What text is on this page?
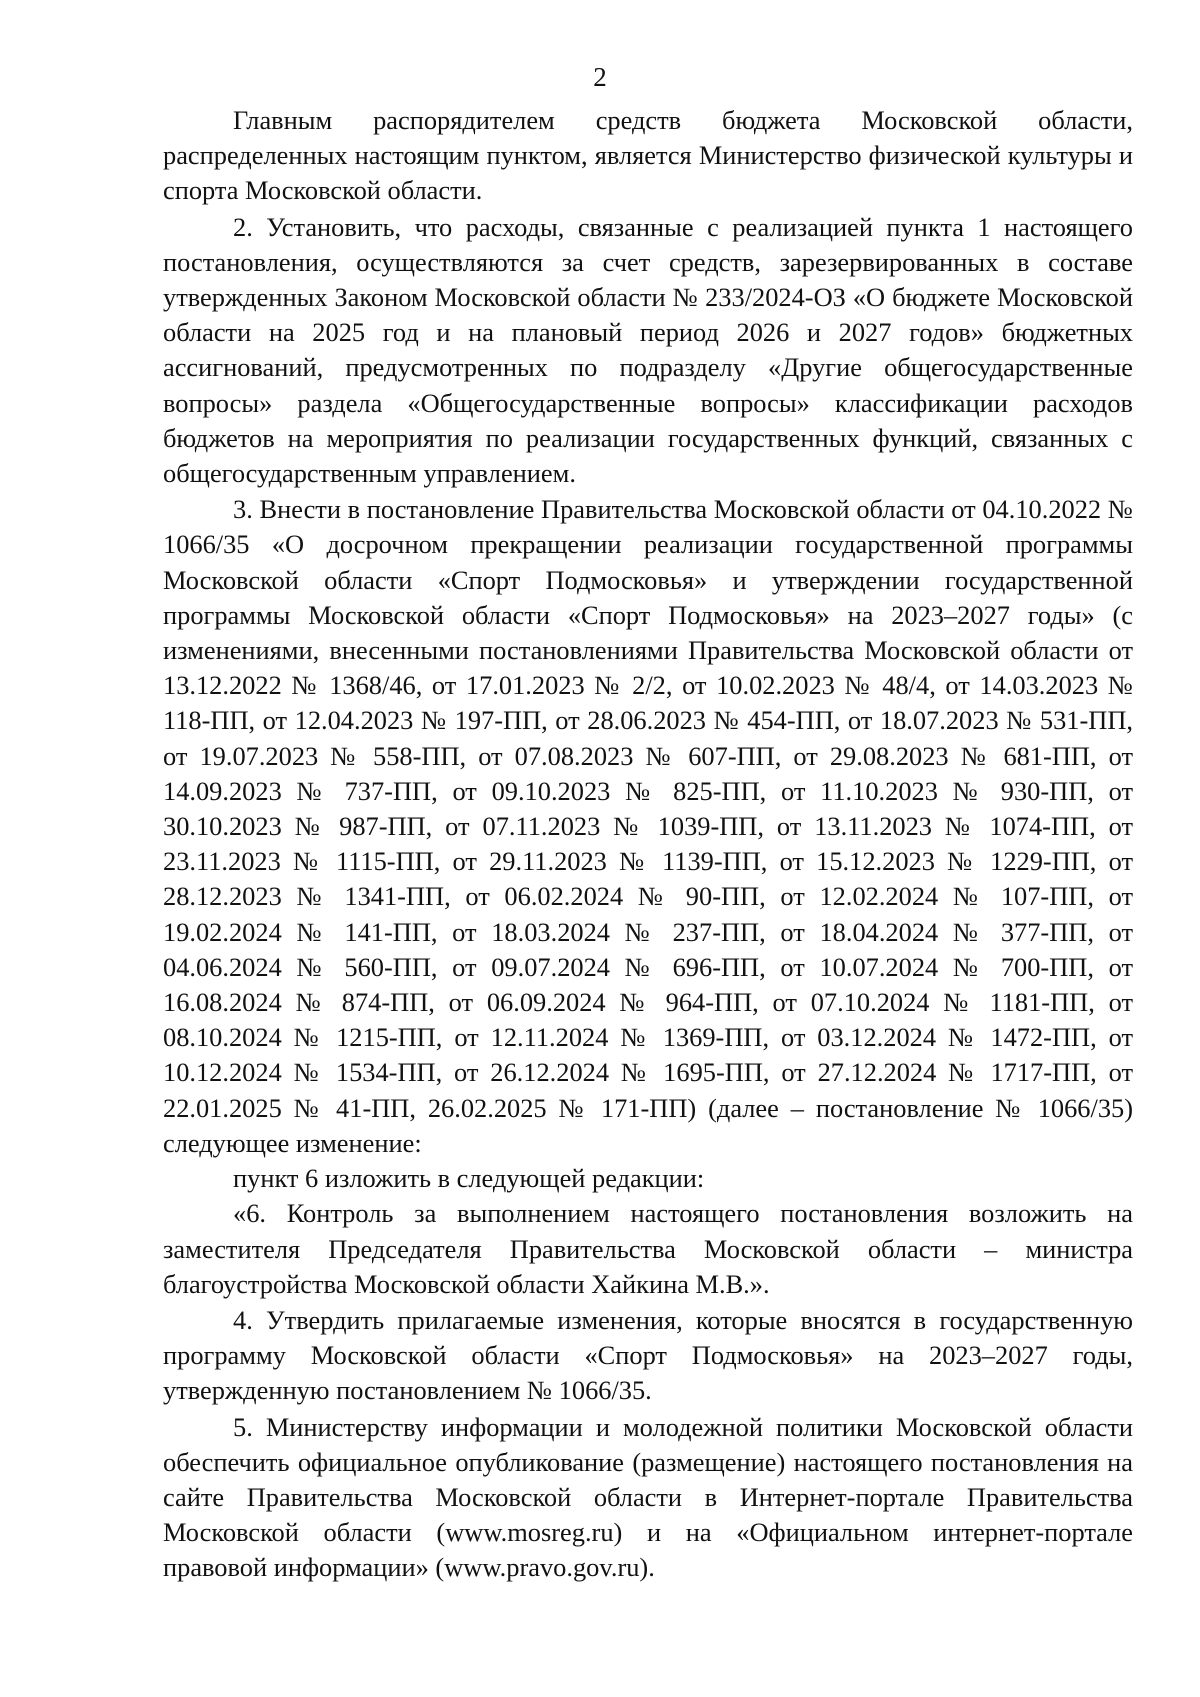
2

Главным распорядителем средств бюджета Московской области, распределенных настоящим пунктом, является Министерство физической культуры и спорта Московской области.

2. Установить, что расходы, связанные с реализацией пункта 1 настоящего постановления, осуществляются за счет средств, зарезервированных в составе утвержденных Законом Московской области № 233/2024-ОЗ «О бюджете Московской области на 2025 год и на плановый период 2026 и 2027 годов» бюджетных ассигнований, предусмотренных по подразделу «Другие общегосударственные вопросы» раздела «Общегосударственные вопросы» классификации расходов бюджетов на мероприятия по реализации государственных функций, связанных с общегосударственным управлением.

3. Внести в постановление Правительства Московской области от 04.10.2022 № 1066/35 «О досрочном прекращении реализации государственной программы Московской области «Спорт Подмосковья» и утверждении государственной программы Московской области «Спорт Подмосковья» на 2023–2027 годы» (с изменениями, внесенными постановлениями Правительства Московской области от 13.12.2022 № 1368/46, от 17.01.2023 № 2/2, от 10.02.2023 № 48/4, от 14.03.2023 № 118-ПП, от 12.04.2023 № 197-ПП, от 28.06.2023 № 454-ПП, от 18.07.2023 № 531-ПП, от 19.07.2023 № 558-ПП, от 07.08.2023 № 607-ПП, от 29.08.2023 № 681-ПП, от 14.09.2023 № 737-ПП, от 09.10.2023 № 825-ПП, от 11.10.2023 № 930-ПП, от 30.10.2023 № 987-ПП, от 07.11.2023 № 1039-ПП, от 13.11.2023 № 1074-ПП, от 23.11.2023 № 1115-ПП, от 29.11.2023 № 1139-ПП, от 15.12.2023 № 1229-ПП, от 28.12.2023 № 1341-ПП, от 06.02.2024 № 90-ПП, от 12.02.2024 № 107-ПП, от 19.02.2024 № 141-ПП, от 18.03.2024 № 237-ПП, от 18.04.2024 № 377-ПП, от 04.06.2024 № 560-ПП, от 09.07.2024 № 696-ПП, от 10.07.2024 № 700-ПП, от 16.08.2024 № 874-ПП, от 06.09.2024 № 964-ПП, от 07.10.2024 № 1181-ПП, от 08.10.2024 № 1215-ПП, от 12.11.2024 № 1369-ПП, от 03.12.2024 № 1472-ПП, от 10.12.2024 № 1534-ПП, от 26.12.2024 № 1695-ПП, от 27.12.2024 № 1717-ПП, от 22.01.2025 № 41-ПП, 26.02.2025 № 171-ПП) (далее – постановление № 1066/35) следующее изменение:

пункт 6 изложить в следующей редакции:

«6. Контроль за выполнением настоящего постановления возложить на заместителя Председателя Правительства Московской области – министра благоустройства Московской области Хайкина М.В.».

4. Утвердить прилагаемые изменения, которые вносятся в государственную программу Московской области «Спорт Подмосковья» на 2023–2027 годы, утвержденную постановлением № 1066/35.

5. Министерству информации и молодежной политики Московской области обеспечить официальное опубликование (размещение) настоящего постановления на сайте Правительства Московской области в Интернет-портале Правительства Московской области (www.mosreg.ru) и на «Официальном интернет-портале правовой информации» (www.pravo.gov.ru).
